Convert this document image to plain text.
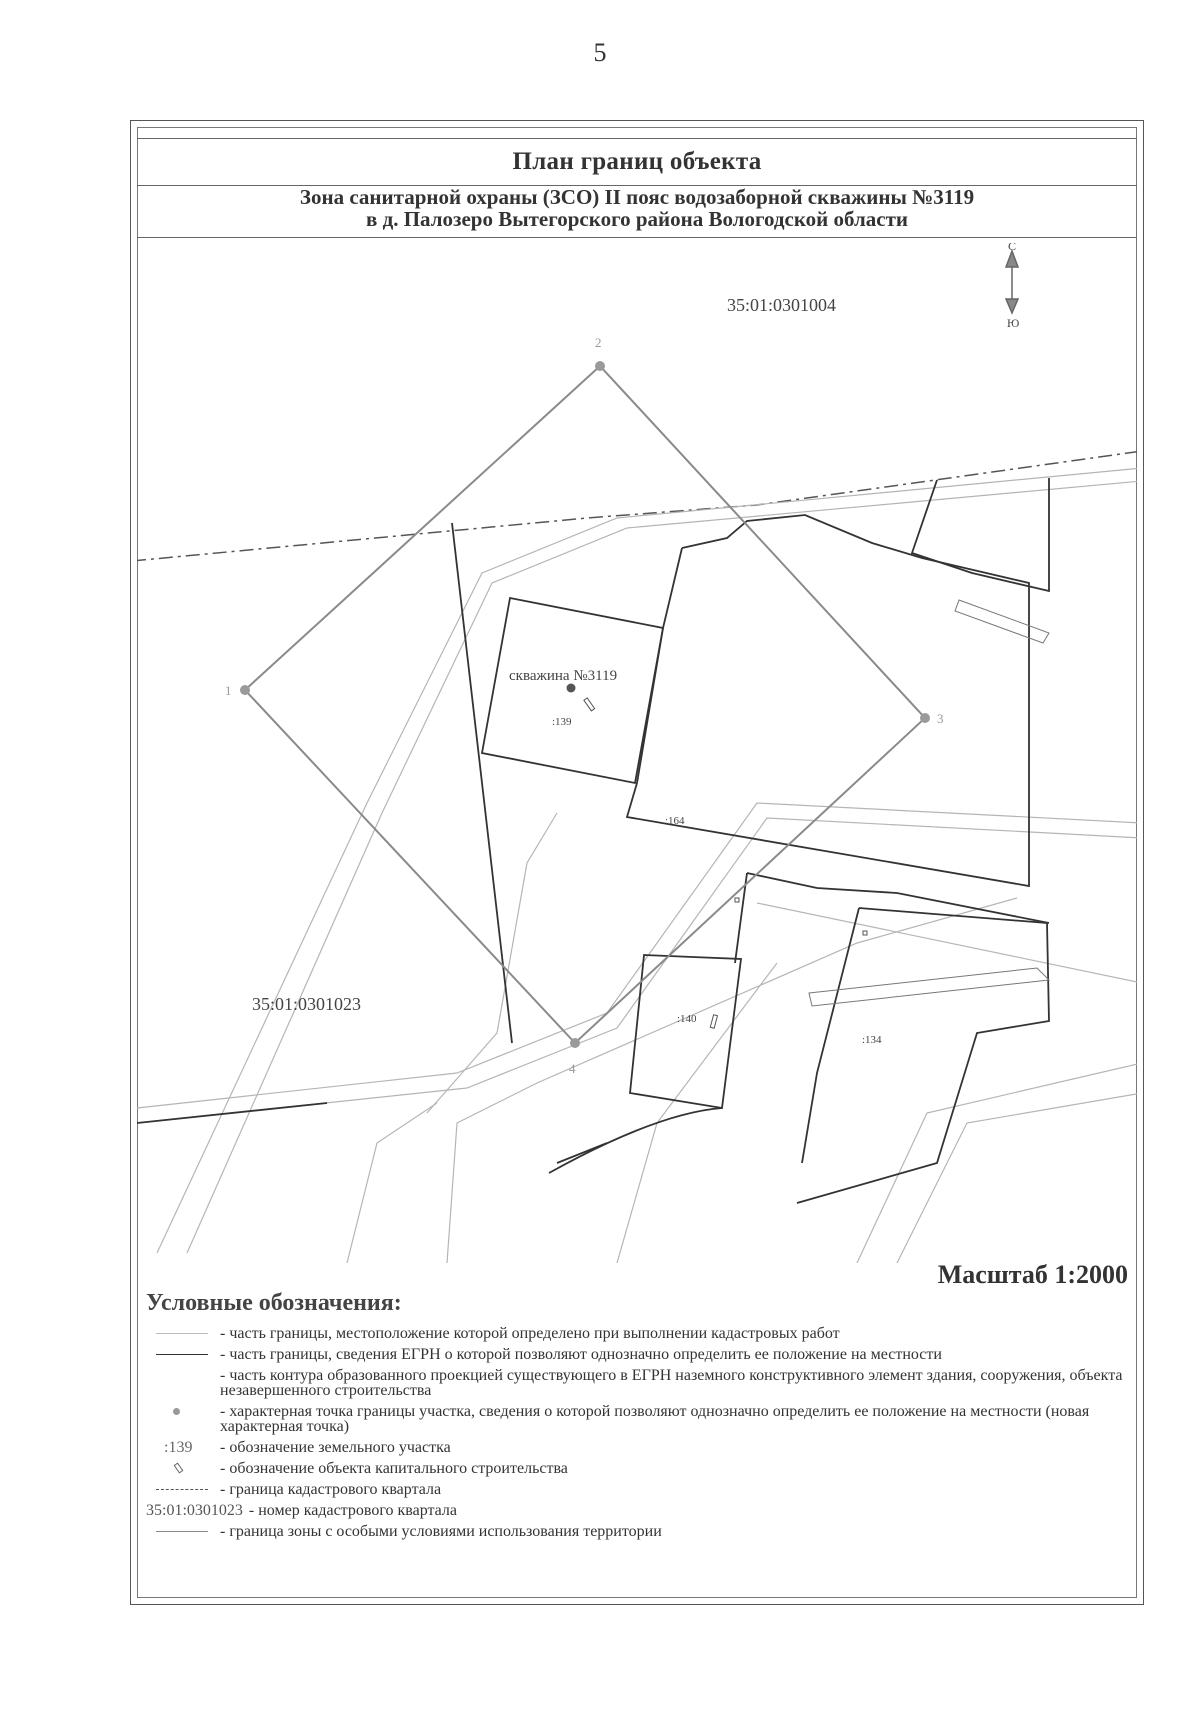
5
План границ объекта
Зона санитарной охраны (ЗСО) II пояс водозаборной скважины №3119
в д. Палозеро Вытегорского района Вологодской области
С
Ю
35:01:0301004
35:01:0301023
1
2
3
4
скважина №3119
:139
:164
:140
:134
Масштаб 1:2000
Условные обозначения:
- часть границы, местоположение которой определено при выполнении кадастровых работ
- часть границы, сведения ЕГРН о которой позволяют однозначно определить ее положение на местности
- часть контура образованного проекцией существующего в ЕГРН наземного конструктивного элемент здания, сооружения, объекта незавершенного строительства
- характерная точка границы участка, сведения о которой позволяют однозначно определить ее положение на местности (новая характерная точка)
:139 - обозначение земельного участка
- обозначение объекта капитального строительства
- граница кадастрового квартала
35:01:0301023 - номер кадастрового квартала
- граница зоны с особыми условиями использования территории
